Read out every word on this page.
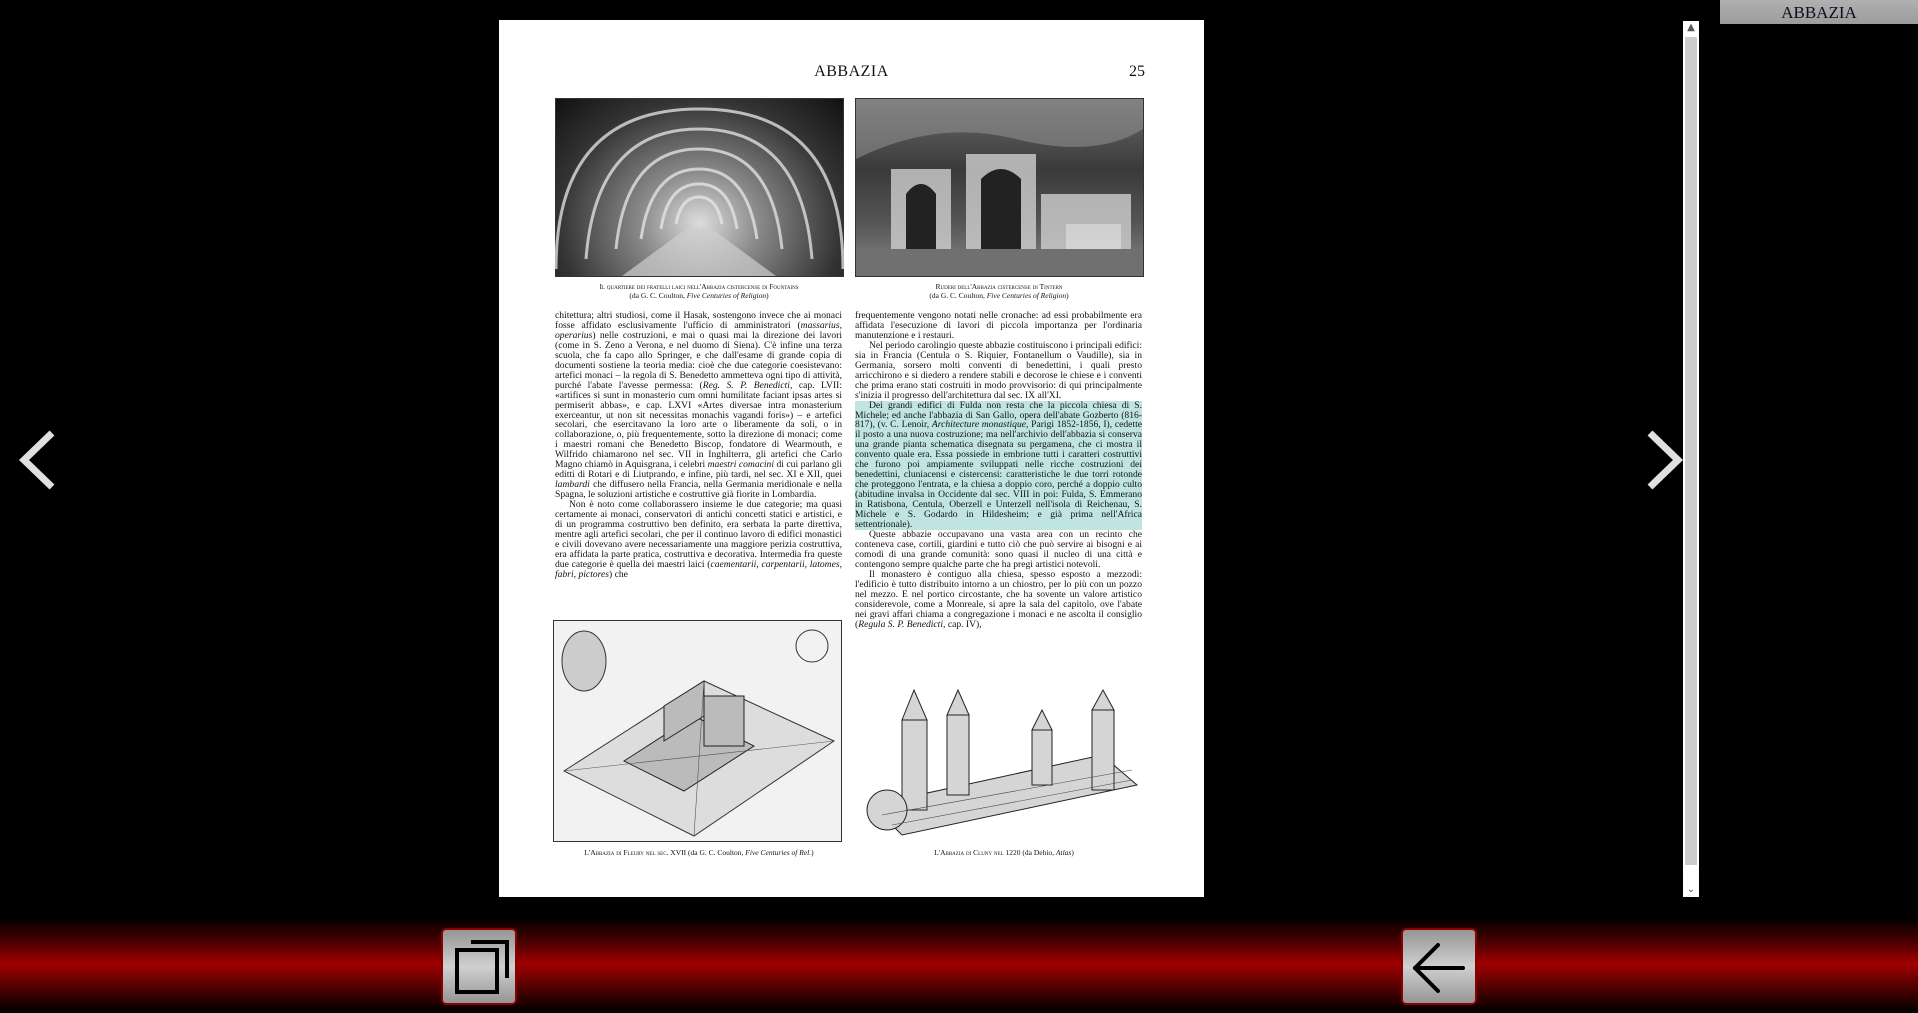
ABBAZIA
ABBAZIA	25
Il quartiere dei fratelli laici nell'Abbazia cistercense di Fountains
(da G. C. Coulton, Five Centuries of Religion)
Ruderi dell'Abbazia cistercense di Tintern
(da G. C. Coulton, Five Centuries of Religion)

chitettura; altri studiosi, come il Hasak, sostengono invece che ai monaci fosse affidato esclusivamente l'ufficio di amministratori (massarius, operarius) nelle costruzioni, e mai o quasi mai la direzione dei lavori (come in S. Zeno a Verona, e nel duomo di Siena). C'è infine una terza scuola, che fa capo allo Springer, e che dall'esame di grande copia di documenti sostiene la teoria media: cioè che due categorie coesistevano: artefici monaci – la regola di S. Benedetto ammetteva ogni tipo di attività, purché l'abate l'avesse permessa: (Reg. S. P. Benedicti, cap. LVII: «artifices si sunt in monasterio cum omni humilitate faciant ipsas artes si permiserit abbas», e cap. LXVI «Artes diversae intra monasterium exerceantur, ut non sit necessitas monachis vagandi foris») – e artefici secolari, che esercitavano la loro arte o liberamente da soli, o in collaborazione, o, più frequentemente, sotto la direzione di monaci; come i maestri romani che Benedetto Biscop, fondatore di Wearmouth, e Wilfrido chiamarono nel sec. VII in Inghilterra, gli artefici che Carlo Magno chiamò in Aquisgrana, i celebri maestri comacini di cui parlano gli editti di Rotari e di Liutprando, e infine, più tardi, nel sec. XI e XII, quei lambardi che diffusero nella Francia, nella Germania meridionale e nella Spagna, le soluzioni artistiche e costruttive già fiorite in Lombardia.

Non è noto come collaborassero insieme le due categorie; ma quasi certamente ai monaci, conservatori di antichi concetti statici e artistici, e di un programma costruttivo ben definito, era serbata la parte direttiva, mentre agli artefici secolari, che per il continuo lavoro di edifici monastici e civili dovevano avere necessariamente una maggiore perizia costruttiva, era affidata la parte pratica, costruttiva e decorativa. Intermedia fra queste due categorie è quella dei maestri laici (caementarii, carpentarii, latomes, fabri, pictores) che

frequentemente vengono notati nelle cronache: ad essi probabilmente era affidata l'esecuzione di lavori di piccola importanza per l'ordinaria manutenzione e i restauri.

Nel periodo carolingio queste abbazie costituiscono i principali edifici: sia in Francia (Centula o S. Riquier, Fontanellum o Vaudille), sia in Germania, sorsero molti conventi di benedettini, i quali presto arricchirono e si diedero a rendere stabili e decorose le chiese e i conventi che prima erano stati costruiti in modo provvisorio: di qui principalmente s'inizia il progresso dell'architettura dal sec. IX all'XI.

Dei grandi edifici di Fulda non resta che la piccola chiesa di S. Michele; ed anche l'abbazia di San Gallo, opera dell'abate Gozberto (816-817), (v. C. Lenoir, Architecture monastique, Parigi 1852-1856, I), cedette il posto a una nuova costruzione; ma nell'archivio dell'abbazia si conserva una grande pianta schematica disegnata su pergamena, che ci mostra il convento quale era. Essa possiede in embrione tutti i caratteri costruttivi che furono poi ampiamente sviluppati nelle ricche costruzioni dei benedettini, cluniacensi e cistercensi: caratteristiche le due torri rotonde che proteggono l'entrata, e la chiesa a doppio coro, perché a doppio culto (abitudine invalsa in Occidente dal sec. VIII in poi: Fulda, S. Emmerano in Ratisbona, Centula, Oberzell e Unterzell nell'isola di Reichenau, S. Michele e S. Godardo in Hildesheim; e già prima nell'Africa settentrionale).

Queste abbazie occupavano una vasta area con un recinto che conteneva case, cortili, giardini e tutto ciò che può servire ai bisogni e ai comodi di una grande comunità: sono quasi il nucleo di una città e contengono sempre qualche parte che ha pregi artistici notevoli.

Il monastero è contiguo alla chiesa, spesso esposto a mezzodì: l'edificio è tutto distribuito intorno a un chiostro, per lo più con un pozzo nel mezzo. E nel portico circostante, che ha sovente un valore artistico considerevole, come a Monreale, si apre la sala del capitolo, ove l'abate nei gravi affari chiama a congregazione i monaci e ne ascolta il consiglio (Regula S. P. Benedicti, cap. IV),

L'Abbazia di Fleury nel sec. XVII (da G. C. Coulton, Five Centuries of Rel.)	L'Abbazia di Cluny nel 1220 (da Dehio, Atlas)
▲
⌄
